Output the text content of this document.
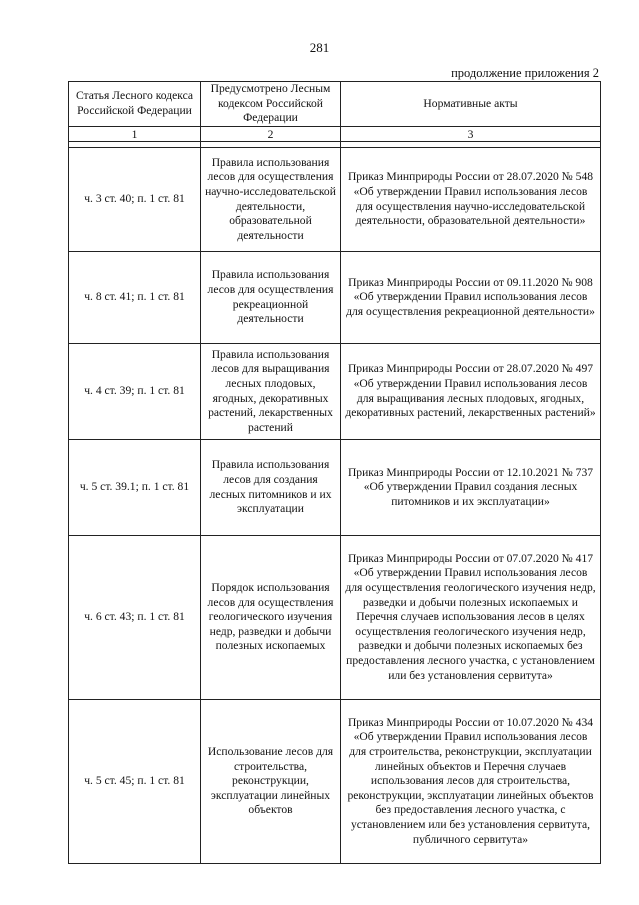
281
продолжение приложения 2
Статья Лесного кодекса Российской Федерации	Предусмотрено Лесным кодексом Российской Федерации	Нормативные акты
1	2	3

ч. 3 ст. 40; п. 1 ст. 81	Правила использования лесов для осуществления научно-исследовательской деятельности, образовательной деятельности	Приказ Минприроды России от 28.07.2020 № 548 «Об утверждении Правил использования лесов для осуществления научно-исследовательской деятельности, образовательной деятельности»
ч. 8 ст. 41; п. 1 ст. 81	Правила использования лесов для осуществления рекреационной деятельности	Приказ Минприроды России от 09.11.2020 № 908 «Об утверждении Правил использования лесов для осуществления рекреационной деятельности»
ч. 4 ст. 39; п. 1 ст. 81	Правила использования лесов для выращивания лесных плодовых, ягодных, декоративных растений, лекарственных растений	Приказ Минприроды России от 28.07.2020 № 497 «Об утверждении Правил использования лесов для выращивания лесных плодовых, ягодных, декоративных растений, лекарственных растений»
ч. 5 ст. 39.1; п. 1 ст. 81	Правила использования лесов для создания лесных питомников и их эксплуатации	Приказ Минприроды России от 12.10.2021 № 737 «Об утверждении Правил создания лесных питомников и их эксплуатации»
ч. 6 ст. 43; п. 1 ст. 81	Порядок использования лесов для осуществления геологического изучения недр, разведки и добычи полезных ископаемых	Приказ Минприроды России от 07.07.2020 № 417 «Об утверждении Правил использования лесов для осуществления геологического изучения недр, разведки и добычи полезных ископаемых и Перечня случаев использования лесов в целях осуществления геологического изучения недр, разведки и добычи полезных ископаемых без предоставления лесного участка, с установлением или без установления сервитута»
ч. 5 ст. 45; п. 1 ст. 81	Использование лесов для строительства, реконструкции, эксплуатации линейных объектов	Приказ Минприроды России от 10.07.2020 № 434 «Об утверждении Правил использования лесов для строительства, реконструкции, эксплуатации линейных объектов и Перечня случаев использования лесов для строительства, реконструкции, эксплуатации линейных объектов без предоставления лесного участка, с установлением или без установления сервитута, публичного сервитута»
